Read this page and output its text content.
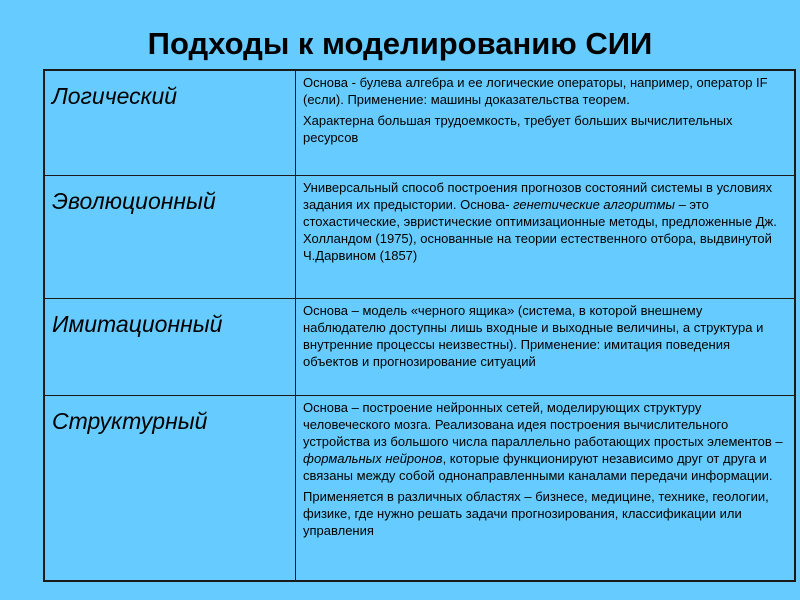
Подходы к моделированию СИИ
Логический	Основа - булева алгебра и ее логические операторы, например, оператор IF (если). Применение: машины доказательства теорем.

Характерна большая трудоемкость, требует больших вычислительных ресурсов

Эволюционный	Универсальный способ построения прогнозов состояний системы в условиях задания их предыстории. Основа- генетические алгоритмы – это стохастические, эвристические оптимизационные методы, предложенные Дж. Холландом (1975), основанные на теории естественного отбора, выдвинутой Ч.Дарвином (1857)

Имитационный	Основа – модель «черного ящика» (система, в которой внешнему наблюдателю доступны лишь входные и выходные величины, а структура и внутренние процессы неизвестны). Применение: имитация поведения объектов и прогнозирование ситуаций

Структурный	Основа – построение нейронных сетей, моделирующих структуру человеческого мозга. Реализована идея построения вычислительного устройства из большого числа параллельно работающих простых элементов – формальных нейронов, которые функционируют независимо друг от друга и связаны между собой однонаправленными каналами передачи информации.

Применяется в различных областях – бизнесе, медицине, технике, геологии, физике, где нужно решать задачи прогнозирования, классификации или управления
